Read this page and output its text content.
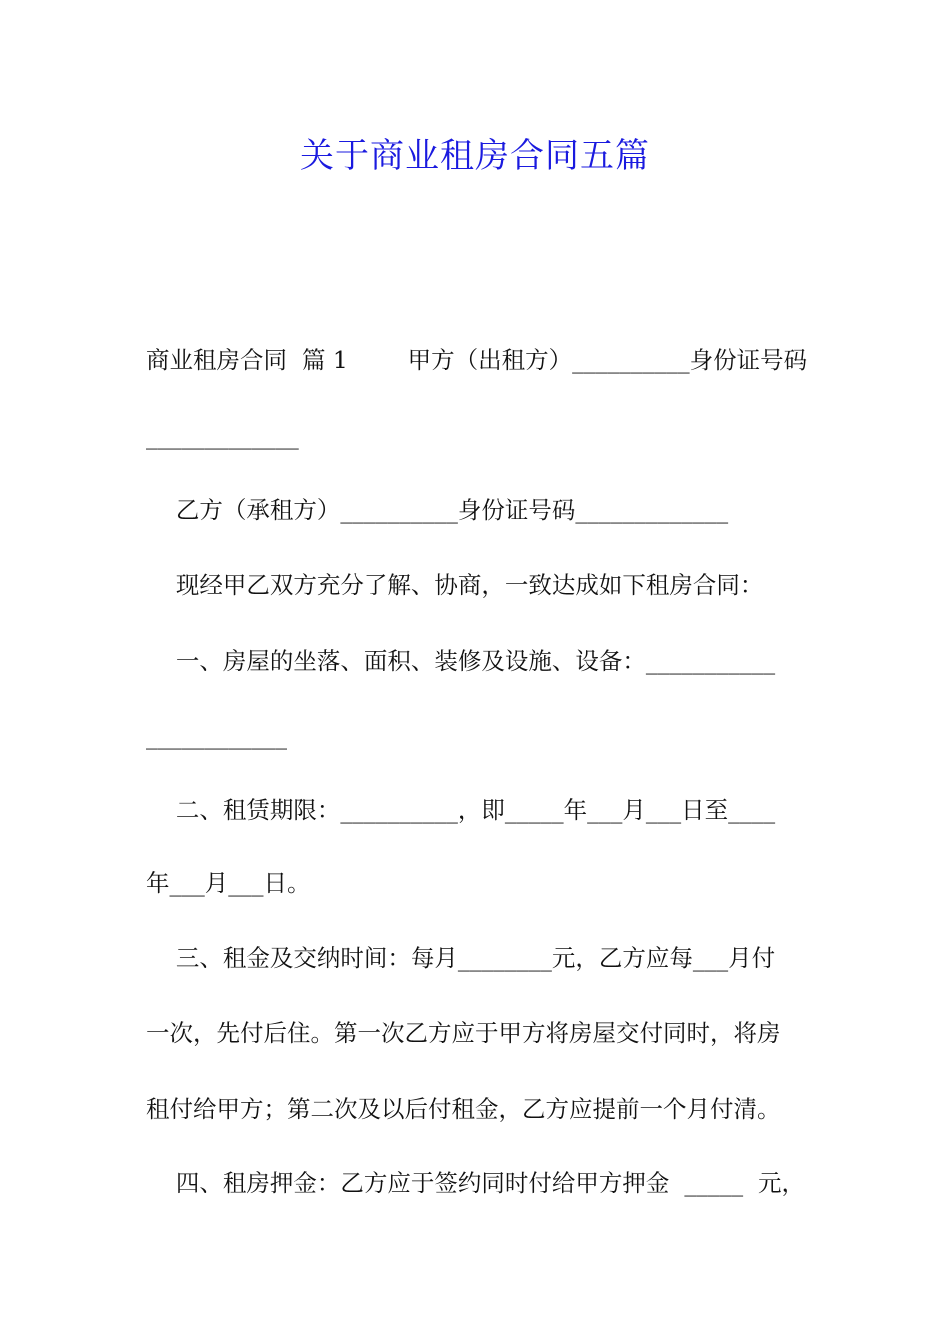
关于商业租房合同五篇
商业租房合同  篇 1        甲方（出租方）__________身份证号码
_____________
乙方（承租方）__________身份证号码_____________
现经甲乙双方充分了解、协商，一致达成如下租房合同：
一、房屋的坐落、面积、装修及设施、设备：___________
____________
二、租赁期限：__________，即_____年___月___日至____
年___月___日。
三、租金及交纳时间：每月________元，乙方应每___月付
一次，先付后住。第一次乙方应于甲方将房屋交付同时，将房
租付给甲方；第二次及以后付租金，乙方应提前一个月付清。
四、租房押金：乙方应于签约同时付给甲方押金  _____  元，
